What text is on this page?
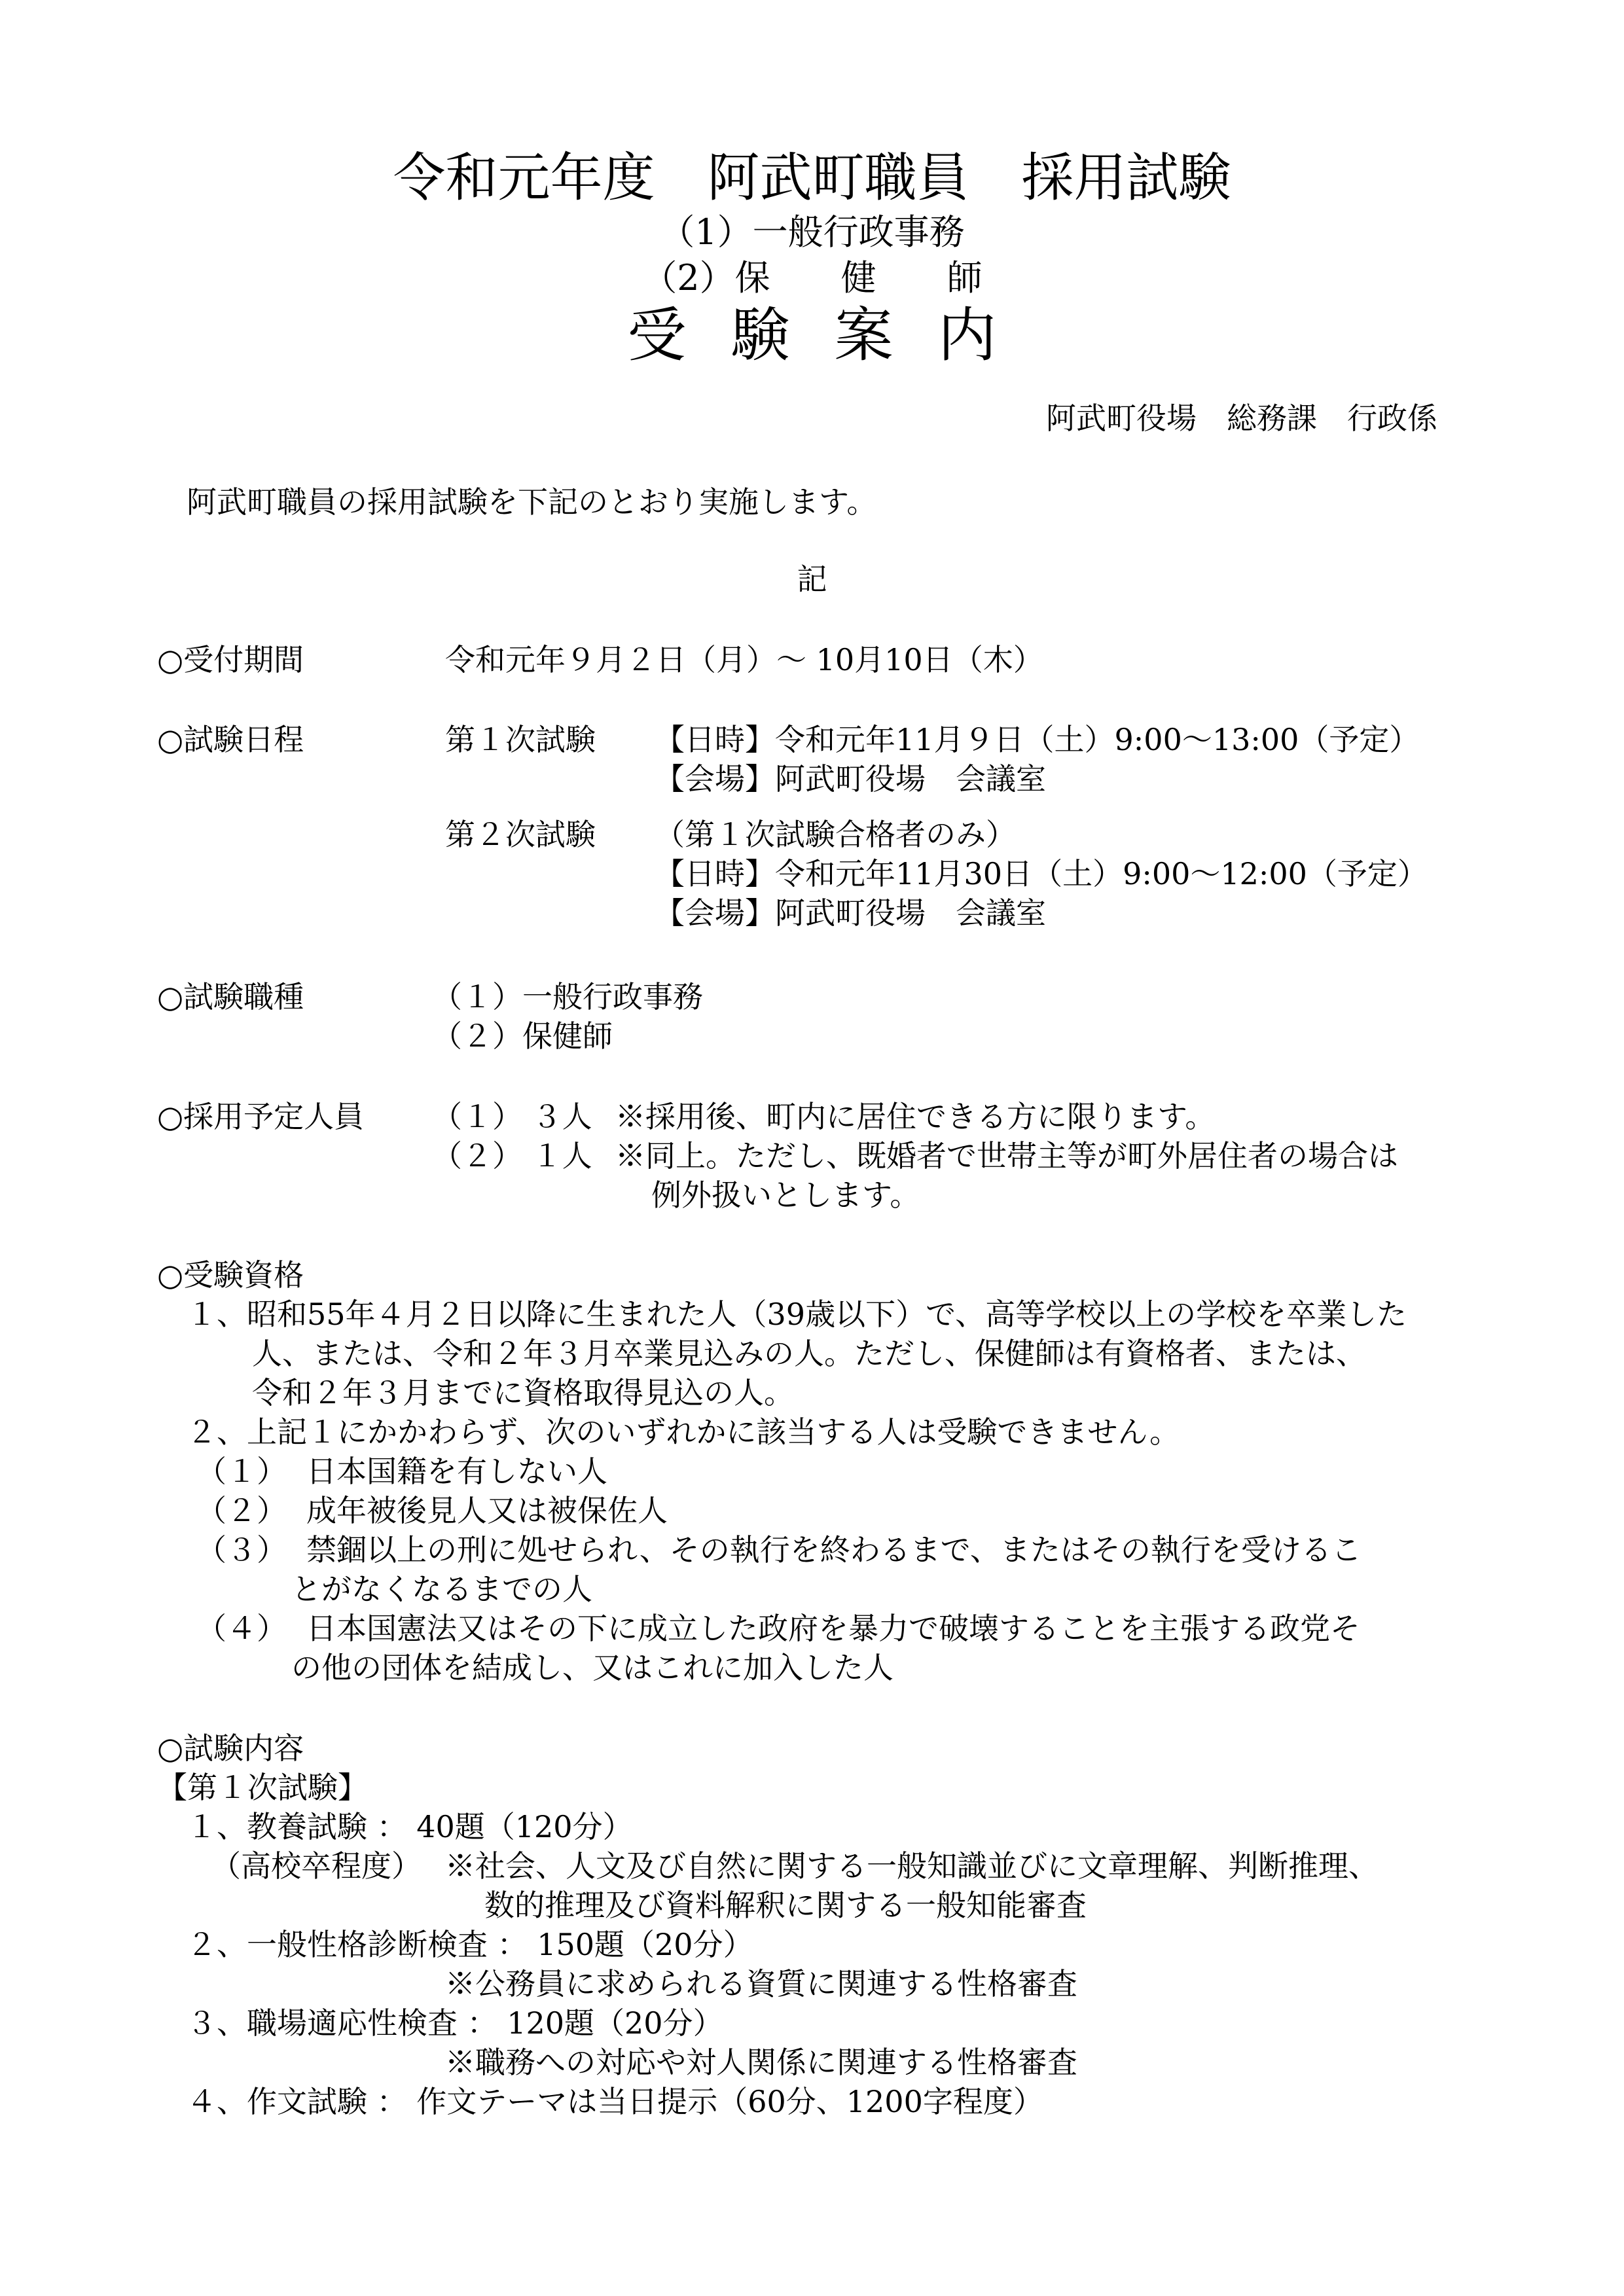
令和元年度　阿武町職員　採用試験
（1）一般行政事務
（2）保　　健　　師
受験案内
阿武町役場　総務課　行政係
阿武町職員の採用試験を下記のとおり実施します。
記
○受付期間	令和元年９月２日（月）～ 10月10日（木）
○試験日程	第１次試験 【日時】令和元年11月９日（土）9:00～13:00（予定）
【会場】阿武町役場　会議室
第２次試験 （第１次試験合格者のみ）
【日時】令和元年11月30日（土）9:00～12:00（予定）
【会場】阿武町役場　会議室
○試験職種	（１）一般行政事務
（２）保健師
○採用予定人員 （１） ３人 ※採用後、町内に居住できる方に限ります。
（２） １人 ※同上。ただし、既婚者で世帯主等が町外居住者の場合は
例外扱いとします。
○受験資格
１、昭和55年４月２日以降に生まれた人（39歳以下）で、高等学校以上の学校を卒業した
人、または、令和２年３月卒業見込みの人。ただし、保健師は有資格者、または、
令和２年３月までに資格取得見込の人。
２、上記１にかかわらず、次のいずれかに該当する人は受験できません。
（１） 日本国籍を有しない人
（２） 成年被後見人又は被保佐人
（３） 禁錮以上の刑に処せられ、その執行を終わるまで、またはその執行を受けるこ
とがなくなるまでの人
（４） 日本国憲法又はその下に成立した政府を暴力で破壊することを主張する政党そ
の他の団体を結成し、又はこれに加入した人
○試験内容
【第１次試験】
１、教養試験 ： 40題（120分）
（高校卒程度） ※社会、人文及び自然に関する一般知識並びに文章理解、判断推理、
数的推理及び資料解釈に関する一般知能審査
２、一般性格診断検査 ： 150題（20分）
※公務員に求められる資質に関連する性格審査
３、職場適応性検査 ： 120題（20分）
※職務への対応や対人関係に関連する性格審査
４、作文試験 ： 作文テーマは当日提示（60分、1200字程度）
